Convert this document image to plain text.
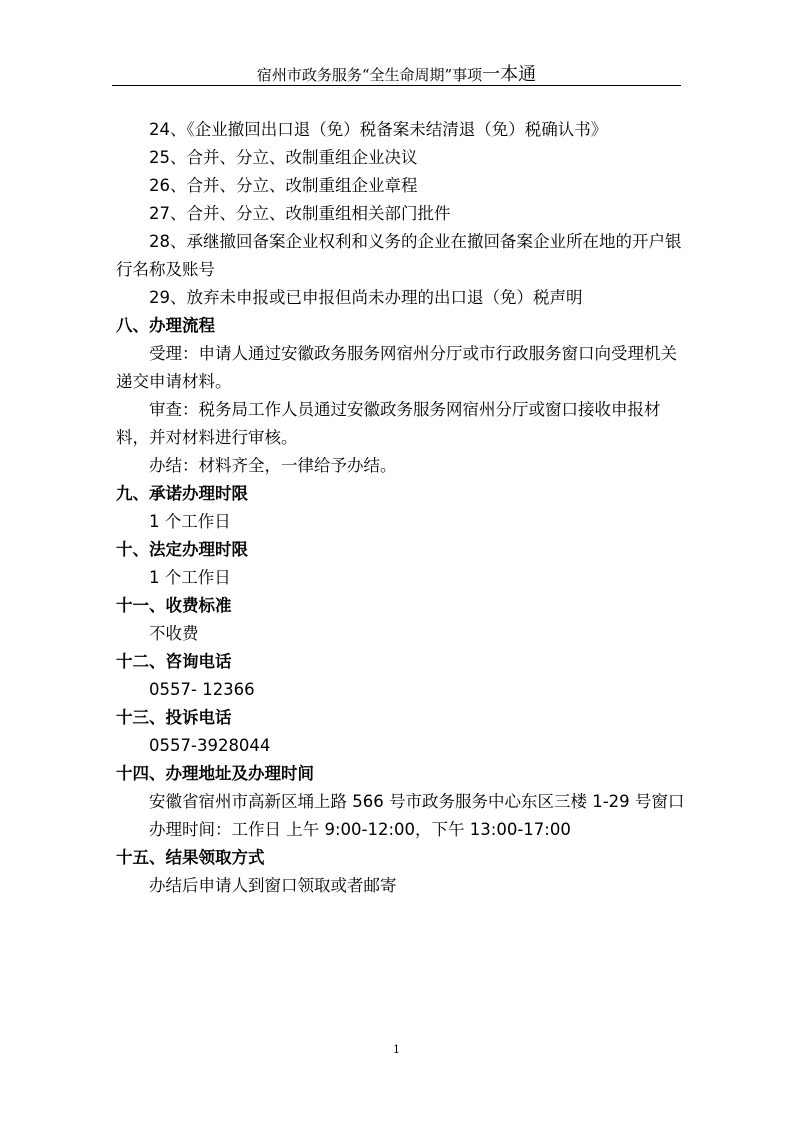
宿州市政务服务“全生命周期”事项一本通

24、《企业撤回出口退（免）税备案未结清退（免）税确认书》

25、合并、分立、改制重组企业决议

26、合并、分立、改制重组企业章程

27、合并、分立、改制重组相关部门批件

28、承继撤回备案企业权利和义务的企业在撤回备案企业所在地的开户银行名称及账号

29、放弃未申报或已申报但尚未办理的出口退（免）税声明

八、办理流程

受理：申请人通过安徽政务服务网宿州分厅或市行政服务窗口向受理机关递交申请材料。

审查：税务局工作人员通过安徽政务服务网宿州分厅或窗口接收申报材料，并对材料进行审核。

办结：材料齐全，一律给予办结。

九、承诺办理时限

1 个工作日

十、法定办理时限

1 个工作日

十一、收费标准

不收费

十二、咨询电话

0557- 12366

十三、投诉电话

0557-3928044

十四、办理地址及办理时间

安徽省宿州市高新区埇上路 566 号市政务服务中心东区三楼 1-29 号窗口

办理时间：工作日 上午 9:00-12:00，下午 13:00-17:00

十五、结果领取方式

办结后申请人到窗口领取或者邮寄

1
